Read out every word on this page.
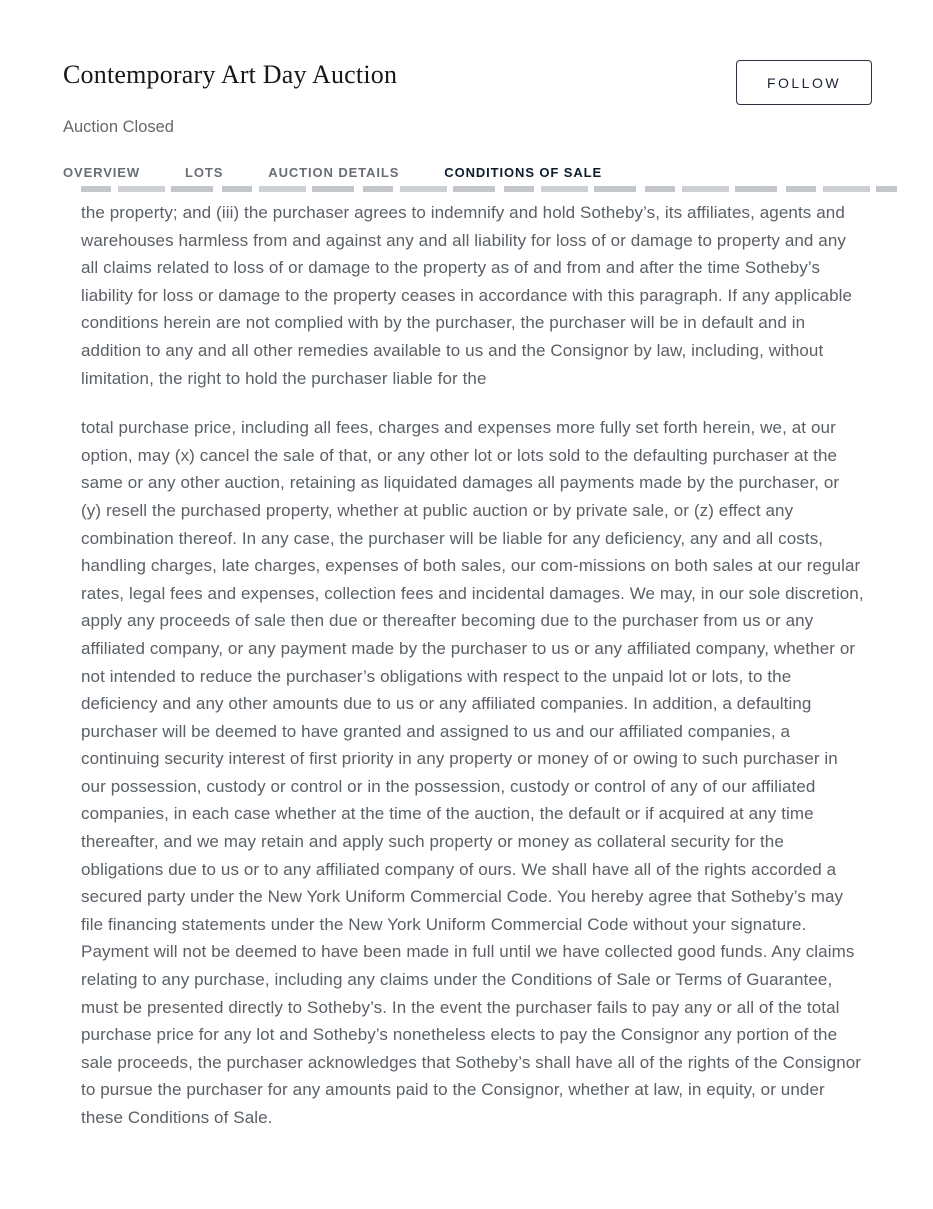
Contemporary Art Day Auction	FOLLOW
Auction Closed
OVERVIEW	LOTS	AUCTION DETAILS	CONDITIONS OF SALE

the property; and (iii) the purchaser agrees to indemnify and hold Sotheby’s, its affiliates, agents and warehouses harmless from and against any and all liability for loss of or damage to property and any all claims related to loss of or damage to the property as of and from and after the time Sotheby’s liability for loss or damage to the property ceases in accordance with this paragraph. If any applicable conditions herein are not complied with by the purchaser, the purchaser will be in default and in addition to any and all other remedies available to us and the Consignor by law, including, without limitation, the right to hold the purchaser liable for the

total purchase price, including all fees, charges and expenses more fully set forth herein, we, at our option, may (x) cancel the sale of that, or any other lot or lots sold to the defaulting purchaser at the same or any other auction, retaining as liquidated damages all payments made by the purchaser, or (y) resell the purchased property, whether at public auction or by private sale, or (z) effect any combination thereof. In any case, the purchaser will be liable for any deficiency, any and all costs, handling charges, late charges, expenses of both sales, our com-missions on both sales at our regular rates, legal fees and expenses, collection fees and incidental damages. We may, in our sole discretion, apply any proceeds of sale then due or thereafter becoming due to the purchaser from us or any affiliated company, or any payment made by the purchaser to us or any affiliated company, whether or not intended to reduce the purchaser’s obligations with respect to the unpaid lot or lots, to the deficiency and any other amounts due to us or any affiliated companies. In addition, a defaulting purchaser will be deemed to have granted and assigned to us and our affiliated companies, a continuing security interest of first priority in any property or money of or owing to such purchaser in our possession, custody or control or in the possession, custody or control of any of our affiliated companies, in each case whether at the time of the auction, the default or if acquired at any time thereafter, and we may retain and apply such property or money as collateral security for the obligations due to us or to any affiliated company of ours. We shall have all of the rights accorded a secured party under the New York Uniform Commercial Code. You hereby agree that Sotheby’s may file financing statements under the New York Uniform Commercial Code without your signature. Payment will not be deemed to have been made in full until we have collected good funds. Any claims relating to any purchase, including any claims under the Conditions of Sale or Terms of Guarantee, must be presented directly to Sotheby’s. In the event the purchaser fails to pay any or all of the total purchase price for any lot and Sotheby’s nonetheless elects to pay the Consignor any portion of the sale proceeds, the purchaser acknowledges that Sotheby’s shall have all of the rights of the Consignor to pursue the purchaser for any amounts paid to the Consignor, whether at law, in equity, or under these Conditions of Sale.
